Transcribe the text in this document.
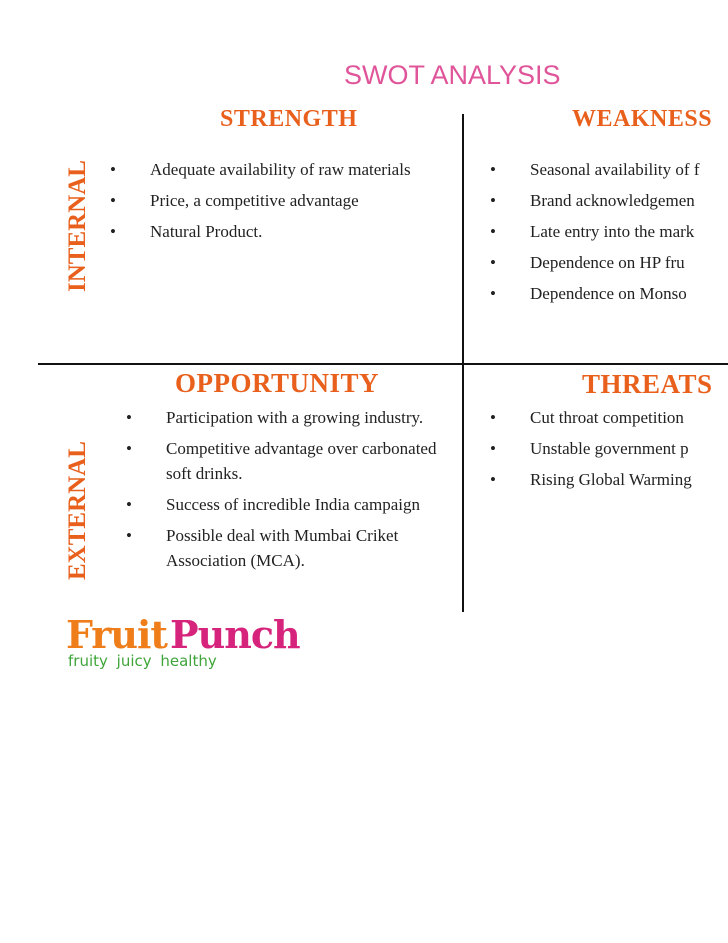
SWOT ANALYSIS
STRENGTH	WEAKNESS
OPPORTUNITY	THREATS
INTERNAL
EXTERNAL
• Adequate availability of raw materials
• Price, a competitive advantage
• Natural Product.
• Seasonal availability of f
• Brand acknowledgemen
• Late entry into the mark
• Dependence on HP fru
• Dependence on Monso
• Participation with a growing industry.
• Competitive advantage over carbonated soft drinks.
• Success of incredible India campaign
• Possible deal with Mumbai Criket Association (MCA).
• Cut throat competition
• Unstable government p
• Rising Global Warming
Fruit Punch
fruity juicy healthy
